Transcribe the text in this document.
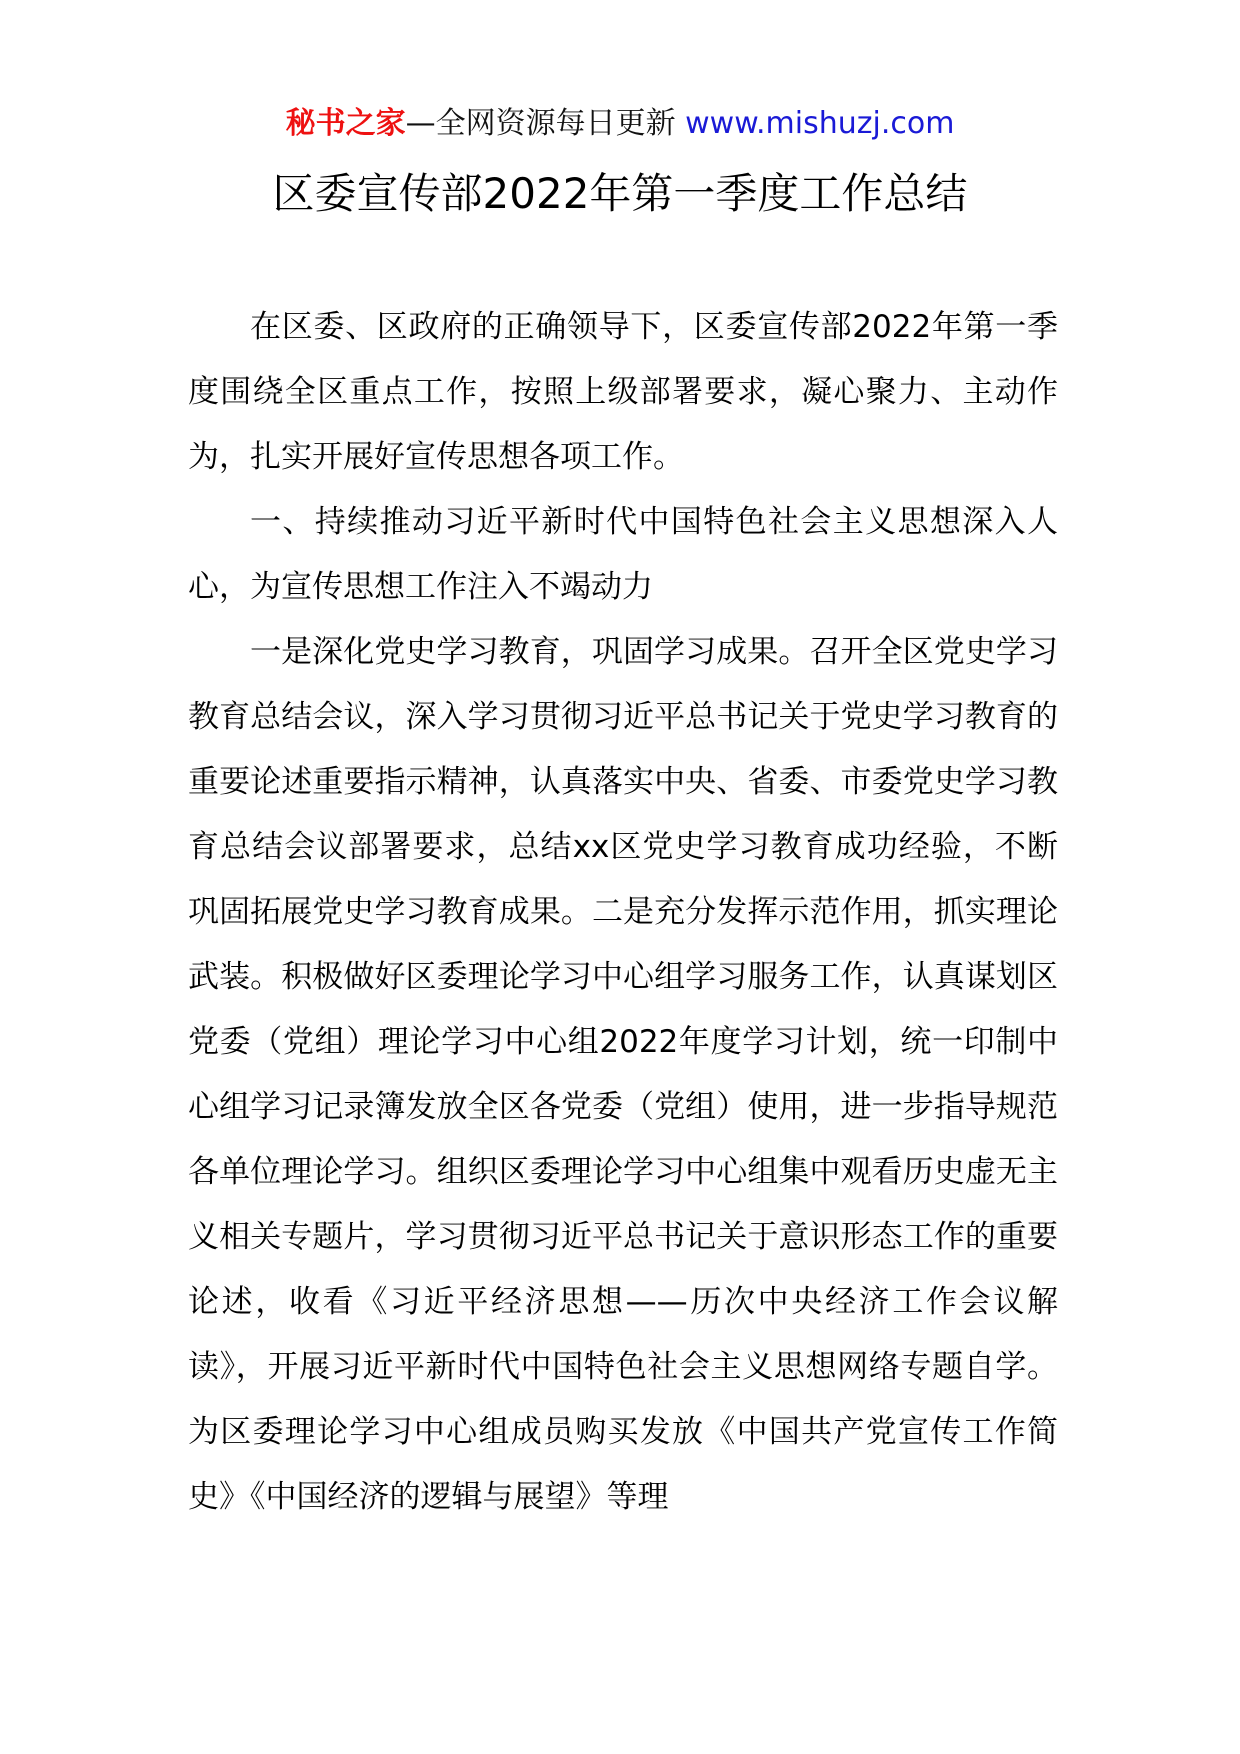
秘书之家—全网资源每日更新 www.mishuzj.com
区委宣传部2022年第一季度工作总结

在区委、区政府的正确领导下，区委宣传部2022年第一季度围绕全区重点工作，按照上级部署要求，凝心聚力、主动作为，扎实开展好宣传思想各项工作。

一、持续推动习近平新时代中国特色社会主义思想深入人心，为宣传思想工作注入不竭动力

一是深化党史学习教育，巩固学习成果。召开全区党史学习教育总结会议，深入学习贯彻习近平总书记关于党史学习教育的重要论述重要指示精神，认真落实中央、省委、市委党史学习教育总结会议部署要求，总结xx区党史学习教育成功经验，不断巩固拓展党史学习教育成果。二是充分发挥示范作用，抓实理论武装。积极做好区委理论学习中心组学习服务工作，认真谋划区党委（党组）理论学习中心组2022年度学习计划，统一印制中心组学习记录簿发放全区各党委（党组）使用，进一步指导规范各单位理论学习。组织区委理论学习中心组集中观看历史虚无主义相关专题片，学习贯彻习近平总书记关于意识形态工作的重要论述，收看《习近平经济思想——历次中央经济工作会议解读》，开展习近平新时代中国特色社会主义思想网络专题自学。为区委理论学习中心组成员购买发放《中国共产党宣传工作简史》《中国经济的逻辑与展望》等理
